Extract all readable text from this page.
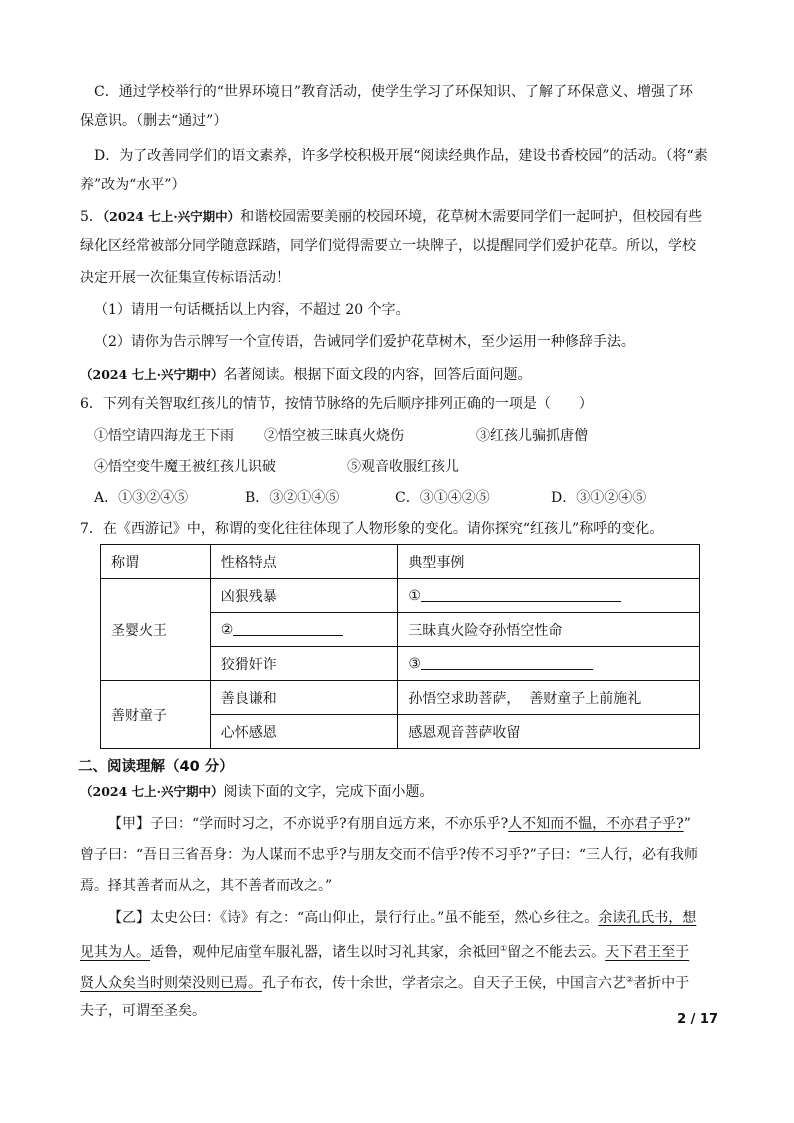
C．通过学校举行的“世界环境日”教育活动，使学生学习了环保知识、了解了环保意义、增强了环
保意识。（删去“通过”）
D．为了改善同学们的语文素养，许多学校积极开展“阅读经典作品，建设书香校园”的活动。（将“素
养”改为“水平”）
5．（2024 七上·兴宁期中）和谐校园需要美丽的校园环境，花草树木需要同学们一起呵护，但校园有些
绿化区经常被部分同学随意踩踏，同学们觉得需要立一块牌子，以提醒同学们爱护花草。所以，学校
决定开展一次征集宣传标语活动！
（1）请用一句话概括以上内容，不超过 20 个字。
（2）请你为告示牌写一个宣传语，告诫同学们爱护花草树木，至少运用一种修辞手法。
（2024 七上·兴宁期中）名著阅读。根据下面文段的内容，回答后面问题。
6．下列有关智取红孩儿的情节，按情节脉络的先后顺序排列正确的一项是（　　）
①悟空请四海龙王下雨 ②悟空被三昧真火烧伤	③红孩儿骗抓唐僧
④悟空变牛魔王被红孩儿识破	⑤观音收服红孩儿
A．①③②④⑤	B．③②①④⑤	C．③①④②⑤	D．③①②④⑤
7．在《西游记》中，称谓的变化往往体现了人物形象的变化。请你探究“红孩儿”称呼的变化。
称谓	性格特点	典型事例
圣婴火王	凶狠残暴	①
	②	三昧真火险夺孙悟空性命
	狡猾奸诈	③
善财童子	善良谦和	孙悟空求助菩萨，  善财童子上前施礼
	心怀感恩	感恩观音菩萨收留
二、阅读理解（40 分）
（2024 七上·兴宁期中）阅读下面的文字，完成下面小题。
【甲】子曰：“学而时习之，不亦说乎?有朋自远方来，不亦乐乎?人不知而不愠，不亦君子乎?”
曾子曰：“吾日三省吾身：为人谋而不忠乎?与朋友交而不信乎?传不习乎?”子曰：“三人行，必有我师
焉。择其善者而从之，其不善者而改之。”
【乙】太史公曰：《诗》有之：“高山仰止，景行行止。”虽不能至，然心乡往之。余读孔氏书，想
见其为人。适鲁，观仲尼庙堂车服礼器，诸生以时习礼其家，余祗回①留之不能去云。天下君王至于
贤人众矣当时则荣没则已焉。孔子布衣，传十余世，学者宗之。自天子王侯，中国言六艺②者折中于
夫子，可谓至圣矣。
2 / 17
